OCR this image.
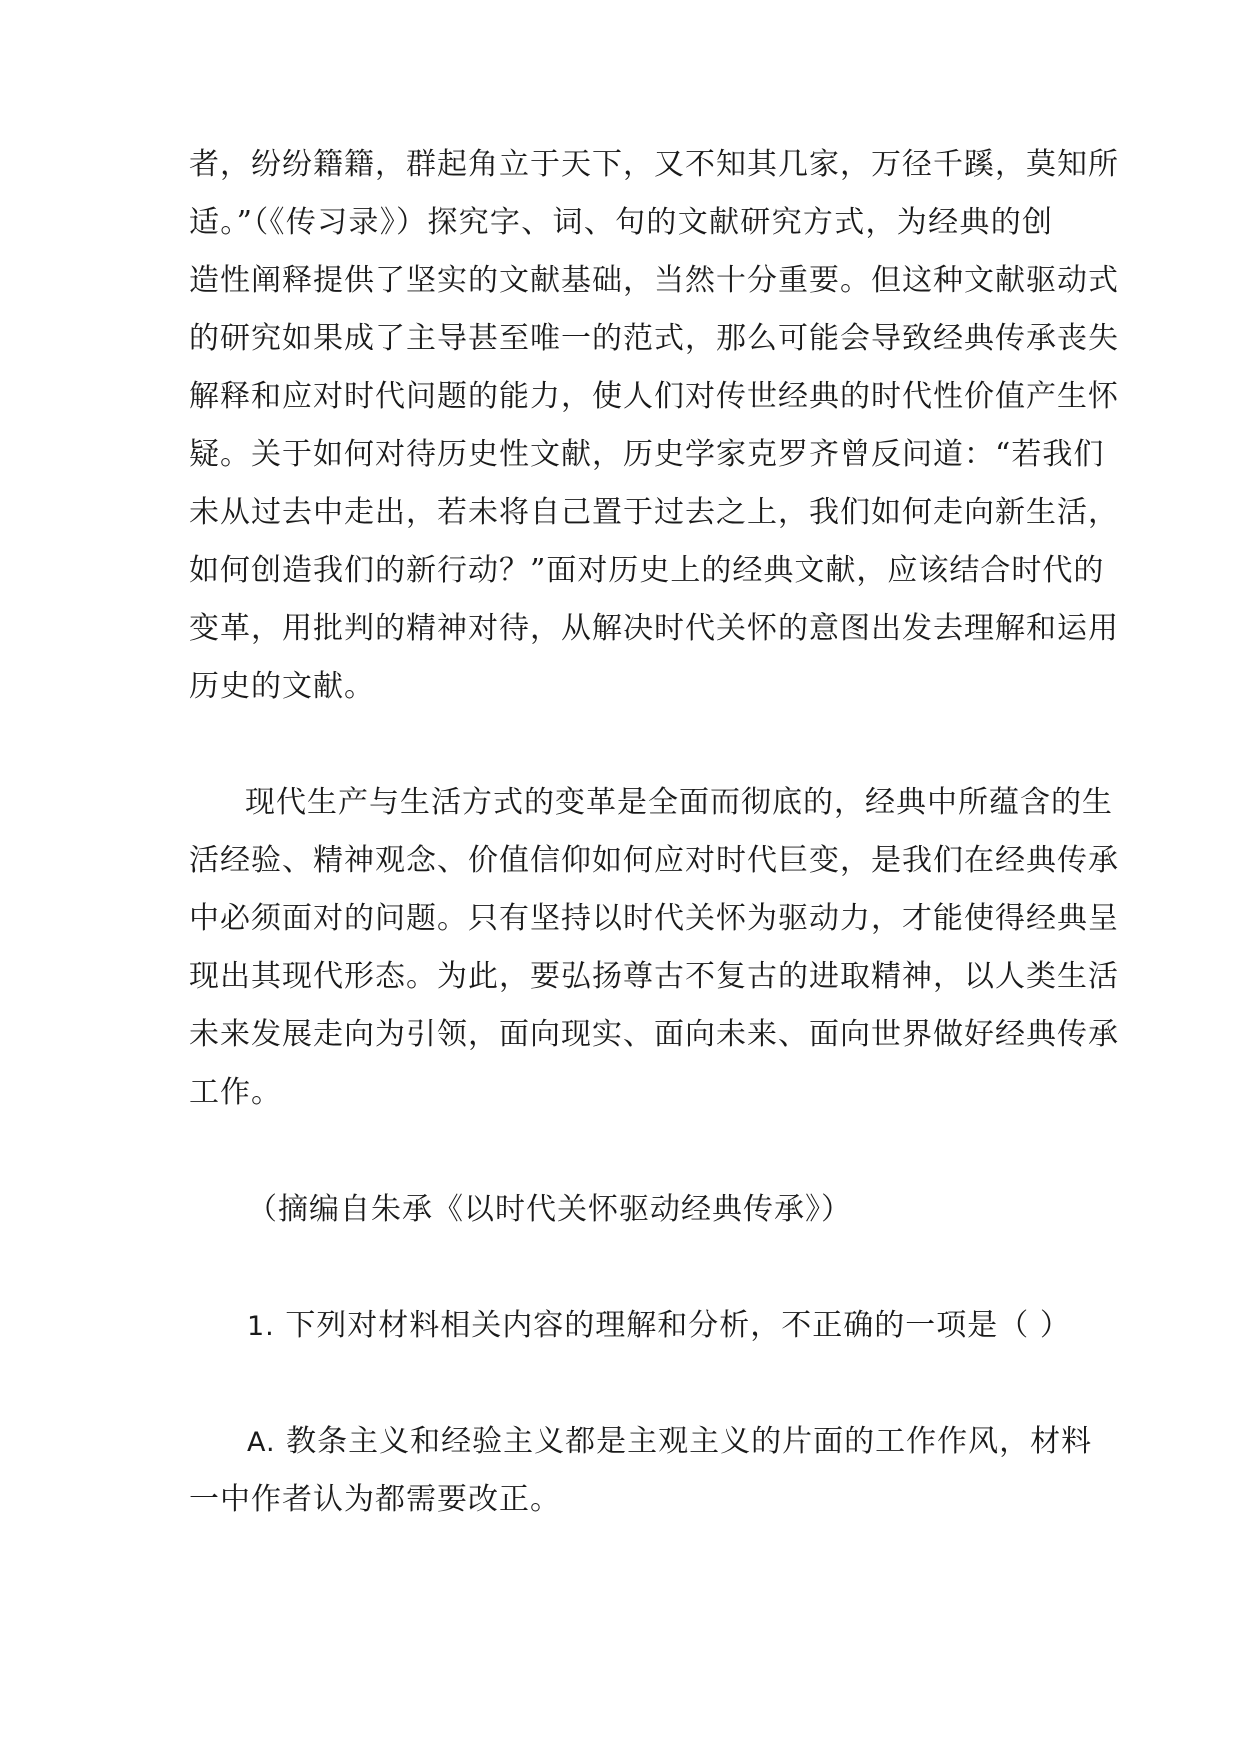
者，纷纷籍籍，群起角立于天下，又不知其几家，万径千蹊，莫知所

适。”（《传习录》）探究字、词、句的文献研究方式，为经典的创

造性阐释提供了坚实的文献基础，当然十分重要。但这种文献驱动式

的研究如果成了主导甚至唯一的范式，那么可能会导致经典传承丧失

解释和应对时代问题的能力，使人们对传世经典的时代性价值产生怀

疑。关于如何对待历史性文献，历史学家克罗齐曾反问道：“若我们

未从过去中走出，若未将自己置于过去之上，我们如何走向新生活，

如何创造我们的新行动？”面对历史上的经典文献，应该结合时代的

变革，用批判的精神对待，从解决时代关怀的意图出发去理解和运用

历史的文献。

现代生产与生活方式的变革是全面而彻底的，经典中所蕴含的生

活经验、精神观念、价值信仰如何应对时代巨变，是我们在经典传承

中必须面对的问题。只有坚持以时代关怀为驱动力，才能使得经典呈

现出其现代形态。为此，要弘扬尊古不复古的进取精神，以人类生活

未来发展走向为引领，面向现实、面向未来、面向世界做好经典传承

工作。

（摘编自朱承《以时代关怀驱动经典传承》）

1. 下列对材料相关内容的理解和分析，不正确的一项是（ ）

A. 教条主义和经验主义都是主观主义的片面的工作作风，材料

一中作者认为都需要改正。
